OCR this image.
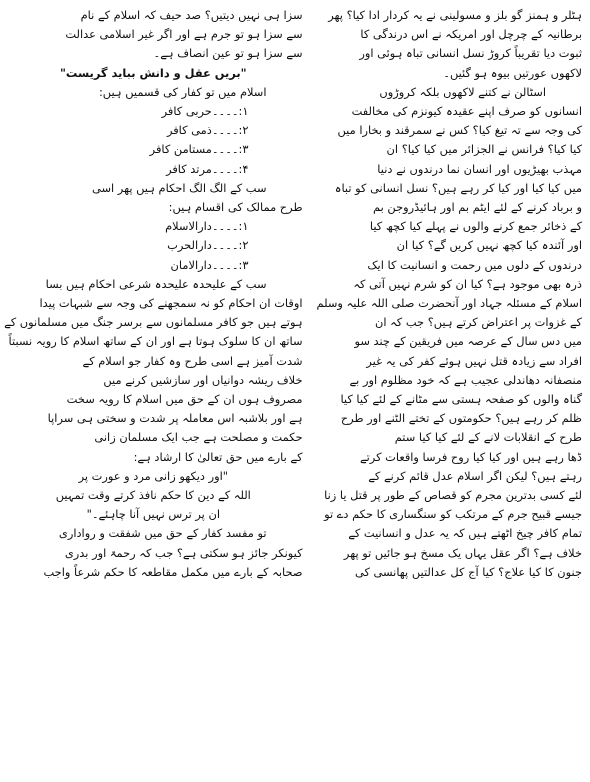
ہٹلر و ہمنز گو بلز و مسولینی نے یہ کردار ادا کیا؟ پھر
برطانیہ کے چرچل اور امریکہ نے اس درندگی کا
ثبوت دیا تقریباً کروڑ نسل انسانی تباہ ہوئی اور
لاکھوں عورتیں بیوہ ہو گئیں۔
اسٹالن نے کتنے لاکھوں بلکہ کروڑوں
انسانوں کو صرف اپنے عقیدہ کیونزم کی مخالفت
کی وجہ سے تہ تیغ کیا؟ کس نے سمرقند و بخارا میں
کیا کیا؟ فرانس نے الجزائر میں کیا کیا؟ ان
مہذب بھیڑیوں اور انسان نما درندوں نے دنیا
میں کیا کیا اور کیا کر رہے ہیں؟ نسل انسانی کو تباہ
و برباد کرنے کے لئے ایٹم بم اور ہائیڈروجن بم
کے ذخائر جمع کرنے والوں نے پہلے کیا کچھ کیا
اور آئندہ کیا کچھ نہیں کریں گے؟ کیا ان
درندوں کے دلوں میں رحمت و انسانیت کا ایک
ذرہ بھی موجود ہے؟ کیا ان کو شرم نہیں آتی کہ
اسلام کے مسئلہ جہاد اور آنحضرت صلی اللہ علیہ وسلم
کے غزوات پر اعتراض کرتے ہیں؟ جب کہ ان
میں دس سال کے عرصہ میں فریقین کے چند سو
افراد سے زیادہ قتل نہیں ہوئے کفر کی یہ غیر
منصفانہ دھاندلی عجیب ہے کہ خود مظلوم اور بے
گناہ والوں کو صفحہ ہستی سے مٹانے کے لئے کیا کیا
ظلم کر رہے ہیں؟ حکومتوں کے تختے الٹنے اور طرح
طرح کے انقلابات لانے کے لئے کیا کیا ستم
ڈھا رہے ہیں اور کیا کیا روح فرسا واقعات کرتے
رہتے ہیں؟ لیکن اگر اسلام عدل قائم کرنے کے
لئے کسی بدترین مجرم کو قصاص کے طور پر قتل یا زنا
جیسے قبیح جرم کے مرتکب کو سنگساری کا حکم دے تو
تمام کافر چیخ اٹھتے ہیں کہ یہ عدل و انسانیت کے
خلاف ہے؟ اگر عقل یہاں یک مسخ ہو جائیں تو پھر
جنون کا کیا علاج؟ کیا آج کل عدالتیں پھانسی کی
سزا ہی نہیں دیتیں؟ صد حیف کہ اسلام کے نام
سے سزا ہو تو جرم ہے اور اگر غیر اسلامی عدالت
سے سزا ہو تو عین انصاف ہے۔
"بریں عقل و دانش بباید گریست"
اسلام میں تو کفار کی قسمیں ہیں:
۱:۔۔۔۔حربی کافر
۲:۔۔۔۔ذمی کافر
۳:۔۔۔۔مستامن کافر
۴:۔۔۔۔مرتد کافر
سب کے الگ الگ احکام ہیں پھر اسی
طرح ممالک کی اقسام ہیں:
۱:۔۔۔۔دارالاسلام
۲:۔۔۔۔دارالحرب
۳:۔۔۔۔دارالامان
سب کے علیحدہ علیحدہ شرعی احکام ہیں بسا
اوقات ان احکام کو نہ سمجھنے کی وجہ سے شبہات پیدا
ہوتے ہیں جو کافر مسلمانوں سے برسر جنگ میں مسلمانوں کے
ساتھ ان کا سلوک ہوتا ہے اور ان کے ساتھ اسلام کا رویہ نسبتاً
شدت آمیز ہے اسی طرح وہ کفار جو اسلام کے
خلاف ریشہ دوانیاں اور سازشیں کرنے میں
مصروف ہوں ان کے حق میں اسلام کا رویہ سخت
ہے اور بلاشبہ اس معاملہ پر شدت و سختی ہی سراپا
حکمت و مصلحت ہے جب ایک مسلمان زانی
کے بارے میں حق تعالیٰ کا ارشاد ہے:
"اور دیکھو زانی مرد و عورت پر
اللہ کے دین کا حکم نافذ کرتے وقت تمہیں
ان پر ترس نہیں آنا چاہئے۔"
تو مفسد کفار کے حق میں شفقت و رواداری
کیونکر جائز ہو سکتی ہے؟ جب کہ رحمۃ اور بدری
صحابہ کے بارے میں مکمل مقاطعہ کا حکم شرعاً واجب
